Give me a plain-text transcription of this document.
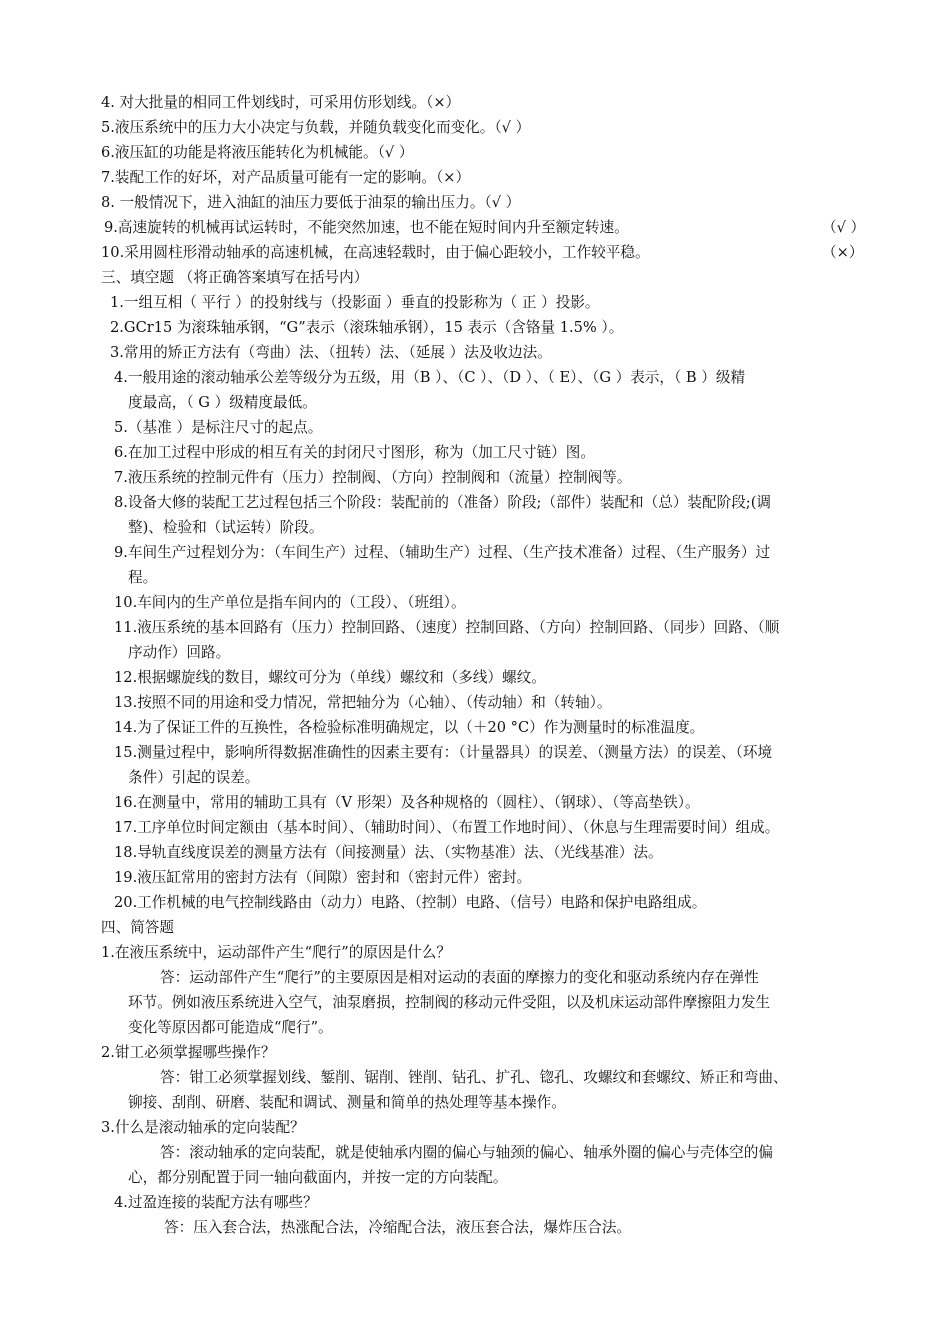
4. 对大批量的相同工件划线时，可采用仿形划线。（×）
5.液压系统中的压力大小决定与负载，并随负载变化而变化。（√ ）
6.液压缸的功能是将液压能转化为机械能。（√ ）
7.装配工作的好坏，对产品质量可能有一定的影响。（×）
8. 一般情况下，进入油缸的油压力要低于油泵的输出压力。（√ ）
9.高速旋转的机械再试运转时，不能突然加速，也不能在短时间内升至额定转速。	（√ ）
10.采用圆柱形滑动轴承的高速机械，在高速轻载时，由于偏心距较小，工作较平稳。	（×）
三、填空题 （将正确答案填写在括号内）
1.一组互相（ 平行 ）的投射线与（投影面 ）垂直的投影称为（ 正 ）投影。
2.GCr15 为滚珠轴承钢，“G”表示（滚珠轴承钢），15 表示（含铬量 1.5% ）。
3.常用的矫正方法有（弯曲）法、（扭转）法、（延展 ）法及收边法。
4.一般用途的滚动轴承公差等级分为五级，用（B ）、（C ）、（D ）、（ E）、（G ）表示，（ B ）级精
度最高，（ G ）级精度最低。
5.（基准 ）是标注尺寸的起点。
6.在加工过程中形成的相互有关的封闭尺寸图形，称为（加工尺寸链）图。
7.液压系统的控制元件有（压力）控制阀、（方向）控制阀和（流量）控制阀等。
8.设备大修的装配工艺过程包括三个阶段：装配前的（准备）阶段;（部件）装配和（总）装配阶段;(调
整)、检验和（试运转）阶段。
9.车间生产过程划分为：（车间生产）过程、（辅助生产）过程、（生产技术准备）过程、（生产服务）过
程。
10.车间内的生产单位是指车间内的（工段）、（班组）。
11.液压系统的基本回路有（压力）控制回路、（速度）控制回路、（方向）控制回路、（同步）回路、（顺
序动作）回路。
12.根据螺旋线的数目，螺纹可分为（单线）螺纹和（多线）螺纹。
13.按照不同的用途和受力情况，常把轴分为（心轴）、（传动轴）和（转轴）。
14.为了保证工件的互换性，各检验标准明确规定，以（＋20 °C）作为测量时的标准温度。
15.测量过程中，影响所得数据准确性的因素主要有：（计量器具）的误差、（测量方法）的误差、（环境
条件）引起的误差。
16.在测量中，常用的辅助工具有（V 形架）及各种规格的（圆柱）、（钢球）、（等高垫铁）。
17.工序单位时间定额由（基本时间）、（辅助时间）、（布置工作地时间）、（休息与生理需要时间）组成。
18.导轨直线度误差的测量方法有（间接测量）法、（实物基准）法、（光线基准）法。
19.液压缸常用的密封方法有（间隙）密封和（密封元件）密封。
20.工作机械的电气控制线路由（动力）电路、（控制）电路、（信号）电路和保护电路组成。
四、简答题
1.在液压系统中，运动部件产生“爬行”的原因是什么？
答：运动部件产生“爬行”的主要原因是相对运动的表面的摩擦力的变化和驱动系统内存在弹性
环节。例如液压系统进入空气，油泵磨损，控制阀的移动元件受阻，以及机床运动部件摩擦阻力发生
变化等原因都可能造成“爬行”。
2.钳工必须掌握哪些操作？
答：钳工必须掌握划线、錾削、锯削、锉削、钻孔、扩孔、锪孔、攻螺纹和套螺纹、矫正和弯曲、
铆接、刮削、研磨、装配和调试、测量和简单的热处理等基本操作。
3.什么是滚动轴承的定向装配？
答：滚动轴承的定向装配，就是使轴承内圈的偏心与轴颈的偏心、轴承外圈的偏心与壳体空的偏
心，都分别配置于同一轴向截面内，并按一定的方向装配。
4.过盈连接的装配方法有哪些？
答：压入套合法，热涨配合法，冷缩配合法，液压套合法，爆炸压合法。
